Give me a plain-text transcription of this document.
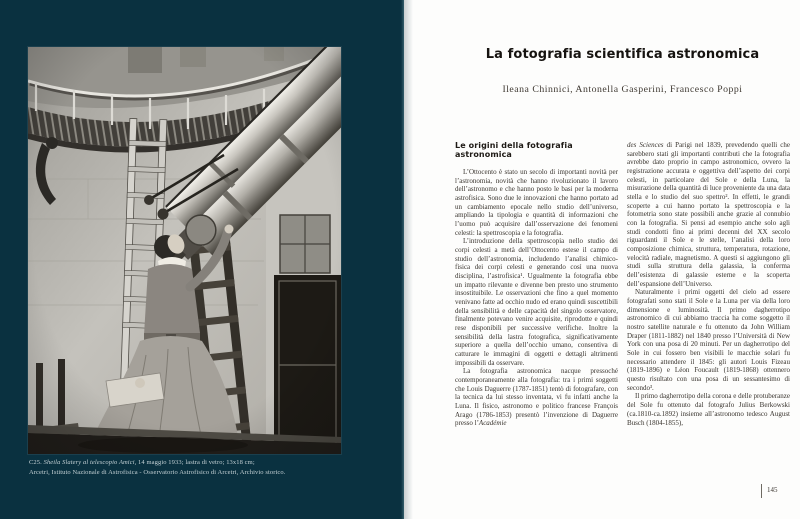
C25. Sheila Slatery al telescopio Amici, 14 maggio 1933; lastra di vetro; 13x18 cm;
Arcetri, Istituto Nazionale di Astrofisica - Osservatorio Astrofisico di Arcetri, Archivio storico.
La fotografia scientifica astronomica
Ileana Chinnici, Antonella Gasperini, Francesco Poppi
Le origini della fotografia astronomica

L’Ottocento è stato un secolo di importanti novità per l’astronomia, novità che hanno rivoluzionato il lavoro dell’astronomo e che hanno posto le basi per la moderna astrofisica. Sono due le innovazioni che hanno portato ad un cambiamento epocale nello studio dell’universo, ampliando la tipologia e quantità di informazioni che l’uomo può acquisire dall’osservazione dei fenomeni celesti: la spettroscopia e la fotografia.

L’introduzione della spettroscopia nello studio dei corpi celesti a metà dell’Ottocento estese il campo di studio dell’astronomia, includendo l’analisi chimico-fisica dei corpi celesti e generando così una nuova disciplina, l’astrofisica¹. Ugualmente la fotografia ebbe un impatto rilevante e divenne ben presto uno strumento insostituibile. Le osservazioni che fino a quel momento venivano fatte ad occhio nudo ed erano quindi suscettibili della sensibilità e delle capacità del singolo osservatore, finalmente potevano venire acquisite, riprodotte e quindi rese disponibili per successive verifiche. Inoltre la sensibilità della lastra fotografica, significativamente superiore a quella dell’occhio umano, consentiva di catturare le immagini di oggetti e dettagli altrimenti impossibili da osservare.

La fotografia astronomica nacque pressoché contemporaneamente alla fotografia: tra i primi soggetti che Louis Daguerre (1787-1851) tentò di fotografare, con la tecnica da lui stesso inventata, vi fu infatti anche la Luna. Il fisico, astronomo e politico francese François Arago (1786-1853) presentò l’invenzione di Daguerre presso l’Académie

des Sciences di Parigi nel 1839, prevedendo quelli che sarebbero stati gli importanti contributi che la fotografia avrebbe dato proprio in campo astronomico, ovvero la registrazione accurata e oggettiva dell’aspetto dei corpi celesti, in particolare del Sole e della Luna, la misurazione della quantità di luce proveniente da una data stella e lo studio del suo spettro². In effetti, le grandi scoperte a cui hanno portato la spettroscopia e la fotometria sono state possibili anche grazie al connubio con la fotografia. Si pensi ad esempio anche solo agli studi condotti fino ai primi decenni del XX secolo riguardanti il Sole e le stelle, l’analisi della loro composizione chimica, struttura, temperatura, rotazione, velocità radiale, magnetismo. A questi si aggiungono gli studi sulla struttura della galassia, la conferma dell’esistenza di galassie esterne e la scoperta dell’espansione dell’Universo.

Naturalmente i primi oggetti del cielo ad essere fotografati sono stati il Sole e la Luna per via della loro dimensione e luminosità. Il primo dagherrotipo astronomico di cui abbiamo traccia ha come soggetto il nostro satellite naturale e fu ottenuto da John William Draper (1811-1882) nel 1840 presso l’Università di New York con una posa di 20 minuti. Per un dagherrotipo del Sole in cui fossero ben visibili le macchie solari fu necessario attendere il 1845: gli autori Louis Fizeau (1819-1896) e Léon Foucault (1819-1868) ottennero questo risultato con una posa di un sessantesimo di secondo³.

Il primo dagherrotipo della corona e delle protuberanze del Sole fu ottenuto dal fotografo Julius Berkowski (ca.1810-ca.1892) insieme all’astronomo tedesco August Busch (1804-1855),

145
